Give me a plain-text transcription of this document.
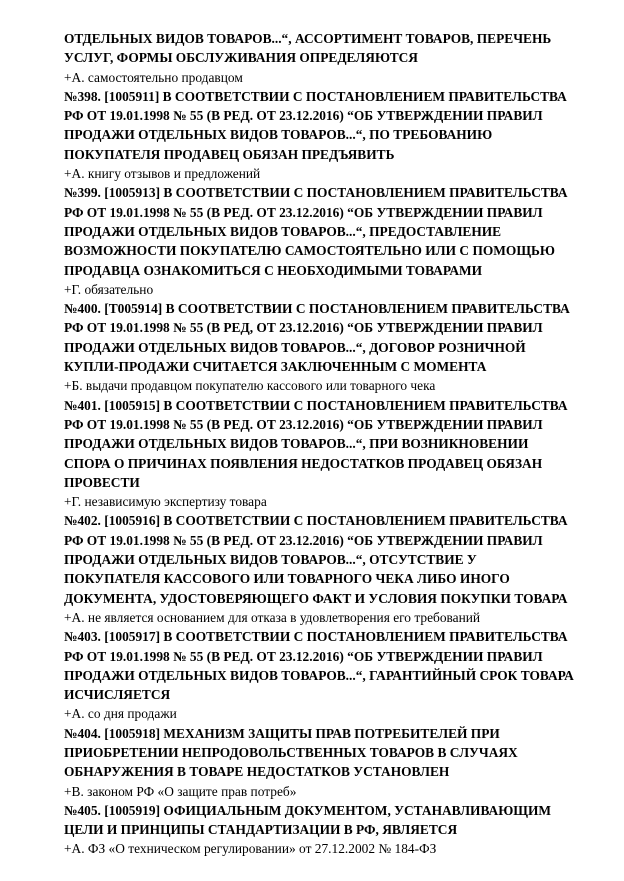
ОТДЕЛЬНЫХ ВИДОВ ТОВАРОВ...“, АССОРТИМЕНТ ТОВАРОВ, ПЕРЕЧЕНЬ УСЛУГ, ФОРМЫ ОБСЛУЖИВАНИЯ ОПРЕДЕЛЯЮТСЯ

+А. самостоятельно продавцом

№398. [1005911] В СООТВЕТСТВИИ С ПОСТАНОВЛЕНИЕМ ПРАВИТЕЛЬСТВА РФ ОТ 19.01.1998 № 55 (В РЕД. ОТ 23.12.2016) “ОБ УТВЕРЖДЕНИИ ПРАВИЛ ПРОДАЖИ ОТДЕЛЬНЫХ ВИДОВ ТОВАРОВ...“, ПО ТРЕБОВАНИЮ ПОКУПАТЕЛЯ ПРОДАВЕЦ ОБЯЗАН ПРЕДЪЯВИТЬ

+А. книгу отзывов и предложений

№399. [1005913] В СООТВЕТСТВИИ С ПОСТАНОВЛЕНИЕМ ПРАВИТЕЛЬСТВА РФ ОТ 19.01.1998 № 55 (В РЕД. ОТ 23.12.2016) “ОБ УТВЕРЖДЕНИИ ПРАВИЛ ПРОДАЖИ ОТДЕЛЬНЫХ ВИДОВ ТОВАРОВ...“, ПРЕДОСТАВЛЕНИЕ ВОЗМОЖНОСТИ ПОКУПАТЕЛЮ САМОСТОЯТЕЛЬНО ИЛИ С ПОМОЩЬЮ ПРОДАВЦА ОЗНАКОМИТЬСЯ С НЕОБХОДИМЫМИ ТОВАРАМИ

+Г. обязательно

№400. [Т005914] В СООТВЕТСТВИИ С ПОСТАНОВЛЕНИЕМ ПРАВИТЕЛЬСТВА РФ ОТ 19.01.1998 № 55 (В РЕД, ОТ 23.12.2016) “ОБ УТВЕРЖДЕНИИ ПРАВИЛ ПРОДАЖИ ОТДЕЛЬНЫХ ВИДОВ ТОВАРОВ...“, ДОГОВОР РОЗНИЧНОЙ КУПЛИ-ПРОДАЖИ СЧИТАЕТСЯ ЗАКЛЮЧЕННЫМ С МОМЕНТА

+Б. выдачи продавцом покупателю кассового или товарного чека

№401. [1005915] В СООТВЕТСТВИИ С ПОСТАНОВЛЕНИЕМ ПРАВИТЕЛЬСТВА РФ ОТ 19.01.1998 № 55 (В РЕД. ОТ 23.12.2016) “ОБ УТВЕРЖДЕНИИ ПРАВИЛ ПРОДАЖИ ОТДЕЛЬНЫХ ВИДОВ ТОВАРОВ...“, ПРИ ВОЗНИКНОВЕНИИ СПОРА О ПРИЧИНАХ ПОЯВЛЕНИЯ НЕДОСТАТКОВ ПРОДАВЕЦ ОБЯЗАН ПРОВЕСТИ

+Г. независимую экспертизу товара

№402. [1005916] В СООТВЕТСТВИИ С ПОСТАНОВЛЕНИЕМ ПРАВИТЕЛЬСТВА РФ ОТ 19.01.1998 № 55 (В РЕД. ОТ 23.12.2016) “ОБ УТВЕРЖДЕНИИ ПРАВИЛ ПРОДАЖИ ОТДЕЛЬНЫХ ВИДОВ ТОВАРОВ...“, ОТСУТСТВИЕ У ПОКУПАТЕЛЯ КАССОВОГО ИЛИ ТОВАРНОГО ЧЕКА ЛИБО ИНОГО ДОКУМЕНТА, УДОСТОВЕРЯЮЩЕГО ФАКТ И УСЛОВИЯ ПОКУПКИ ТОВАРА

+А. не является основанием для отказа в удовлетворения его требований

№403. [1005917] В СООТВЕТСТВИИ С ПОСТАНОВЛЕНИЕМ ПРАВИТЕЛЬСТВА РФ ОТ 19.01.1998 № 55 (В РЕД. ОТ 23.12.2016) “ОБ УТВЕРЖДЕНИИ ПРАВИЛ ПРОДАЖИ ОТДЕЛЬНЫХ ВИДОВ ТОВАРОВ...“, ГАРАНТИЙНЫЙ СРОК ТОВАРА ИСЧИСЛЯЕТСЯ

+А. со дня продажи

№404. [1005918] МЕХАНИЗМ ЗАЩИТЫ ПРАВ ПОТРЕБИТЕЛЕЙ ПРИ ПРИОБРЕТЕНИИ НЕПРОДОВОЛЬСТВЕННЫХ ТОВАРОВ В СЛУЧАЯХ ОБНАРУЖЕНИЯ В ТОВАРЕ НЕДОСТАТКОВ УСТАНОВЛЕН

+В. законом РФ «О защите прав потреб»

№405. [1005919] ОФИЦИАЛЬНЫМ ДОКУМЕНТОМ, УСТАНАВЛИВАЮЩИМ ЦЕЛИ И ПРИНЦИПЫ СТАНДАРТИЗАЦИИ В РФ, ЯВЛЯЕТСЯ

+А. ФЗ «О техническом регулировании» от 27.12.2002 № 184-ФЗ
